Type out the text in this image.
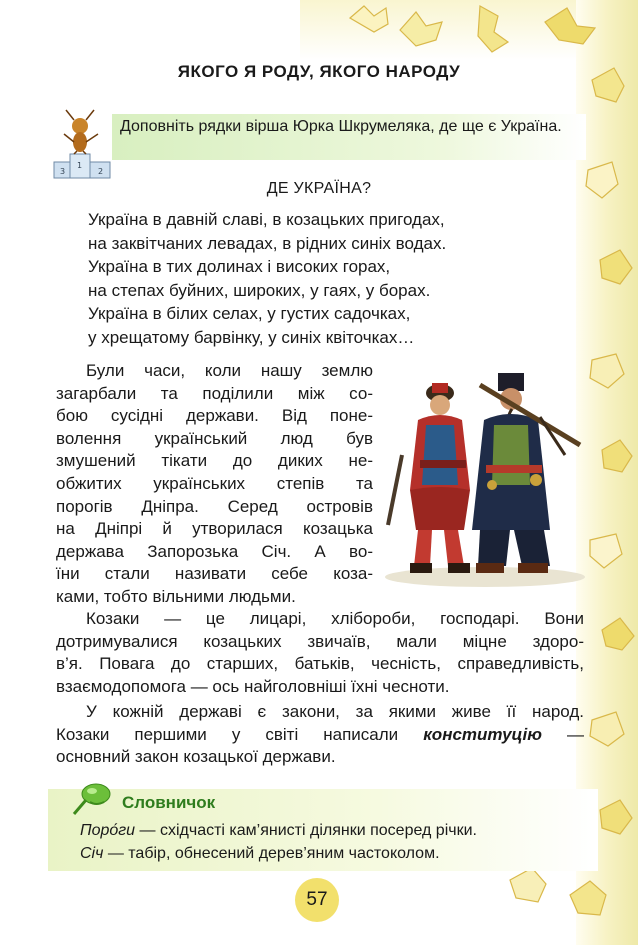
ЯКОГО Я РОДУ, ЯКОГО НАРОДУ
3
1
2
Доповніть рядки вірша Юрка Шкрумеляка, де ще є Україна.
ДЕ УКРАЇНА?
Україна в давній славі, в козацьких пригодах,
на заквітчаних левадах, в рідних синіх водах.
Україна в тих долинах і високих горах,
на степах буйних, широких, у гаях, у борах.
Україна в білих селах, у густих садочках,
у хрещатому барвінку, у синіх квіточках…
Були часи, коли нашу землю
загарбали та поділили між со-
бою сусідні держави. Від поне-
волення український люд був
змушений тікати до диких не-
обжитих українських степів та
порогів Дніпра. Серед островів
на Дніпрі й утворилася козацька
держава Запорозька Січ. А во-
їни стали називати себе коза-
ками, тобто вільними людьми.
Козаки — це лицарі, хлібороби, господарі. Вони
дотримувалися козацьких звичаїв, мали міцне здоро-
в’я. Повага до старших, батьків, чесність, справедливість,
взаємодопомога — ось найголовніші їхні чесноти.
У кожній державі є закони, за якими живе її народ.
Козаки першими у світі написали конституцію —
основний закон козацької держави.
Словничок
Поро́ги — східчасті кам’янисті ділянки посеред річки.
Січ — табір, обнесений дерев’яним частоколом.
57
